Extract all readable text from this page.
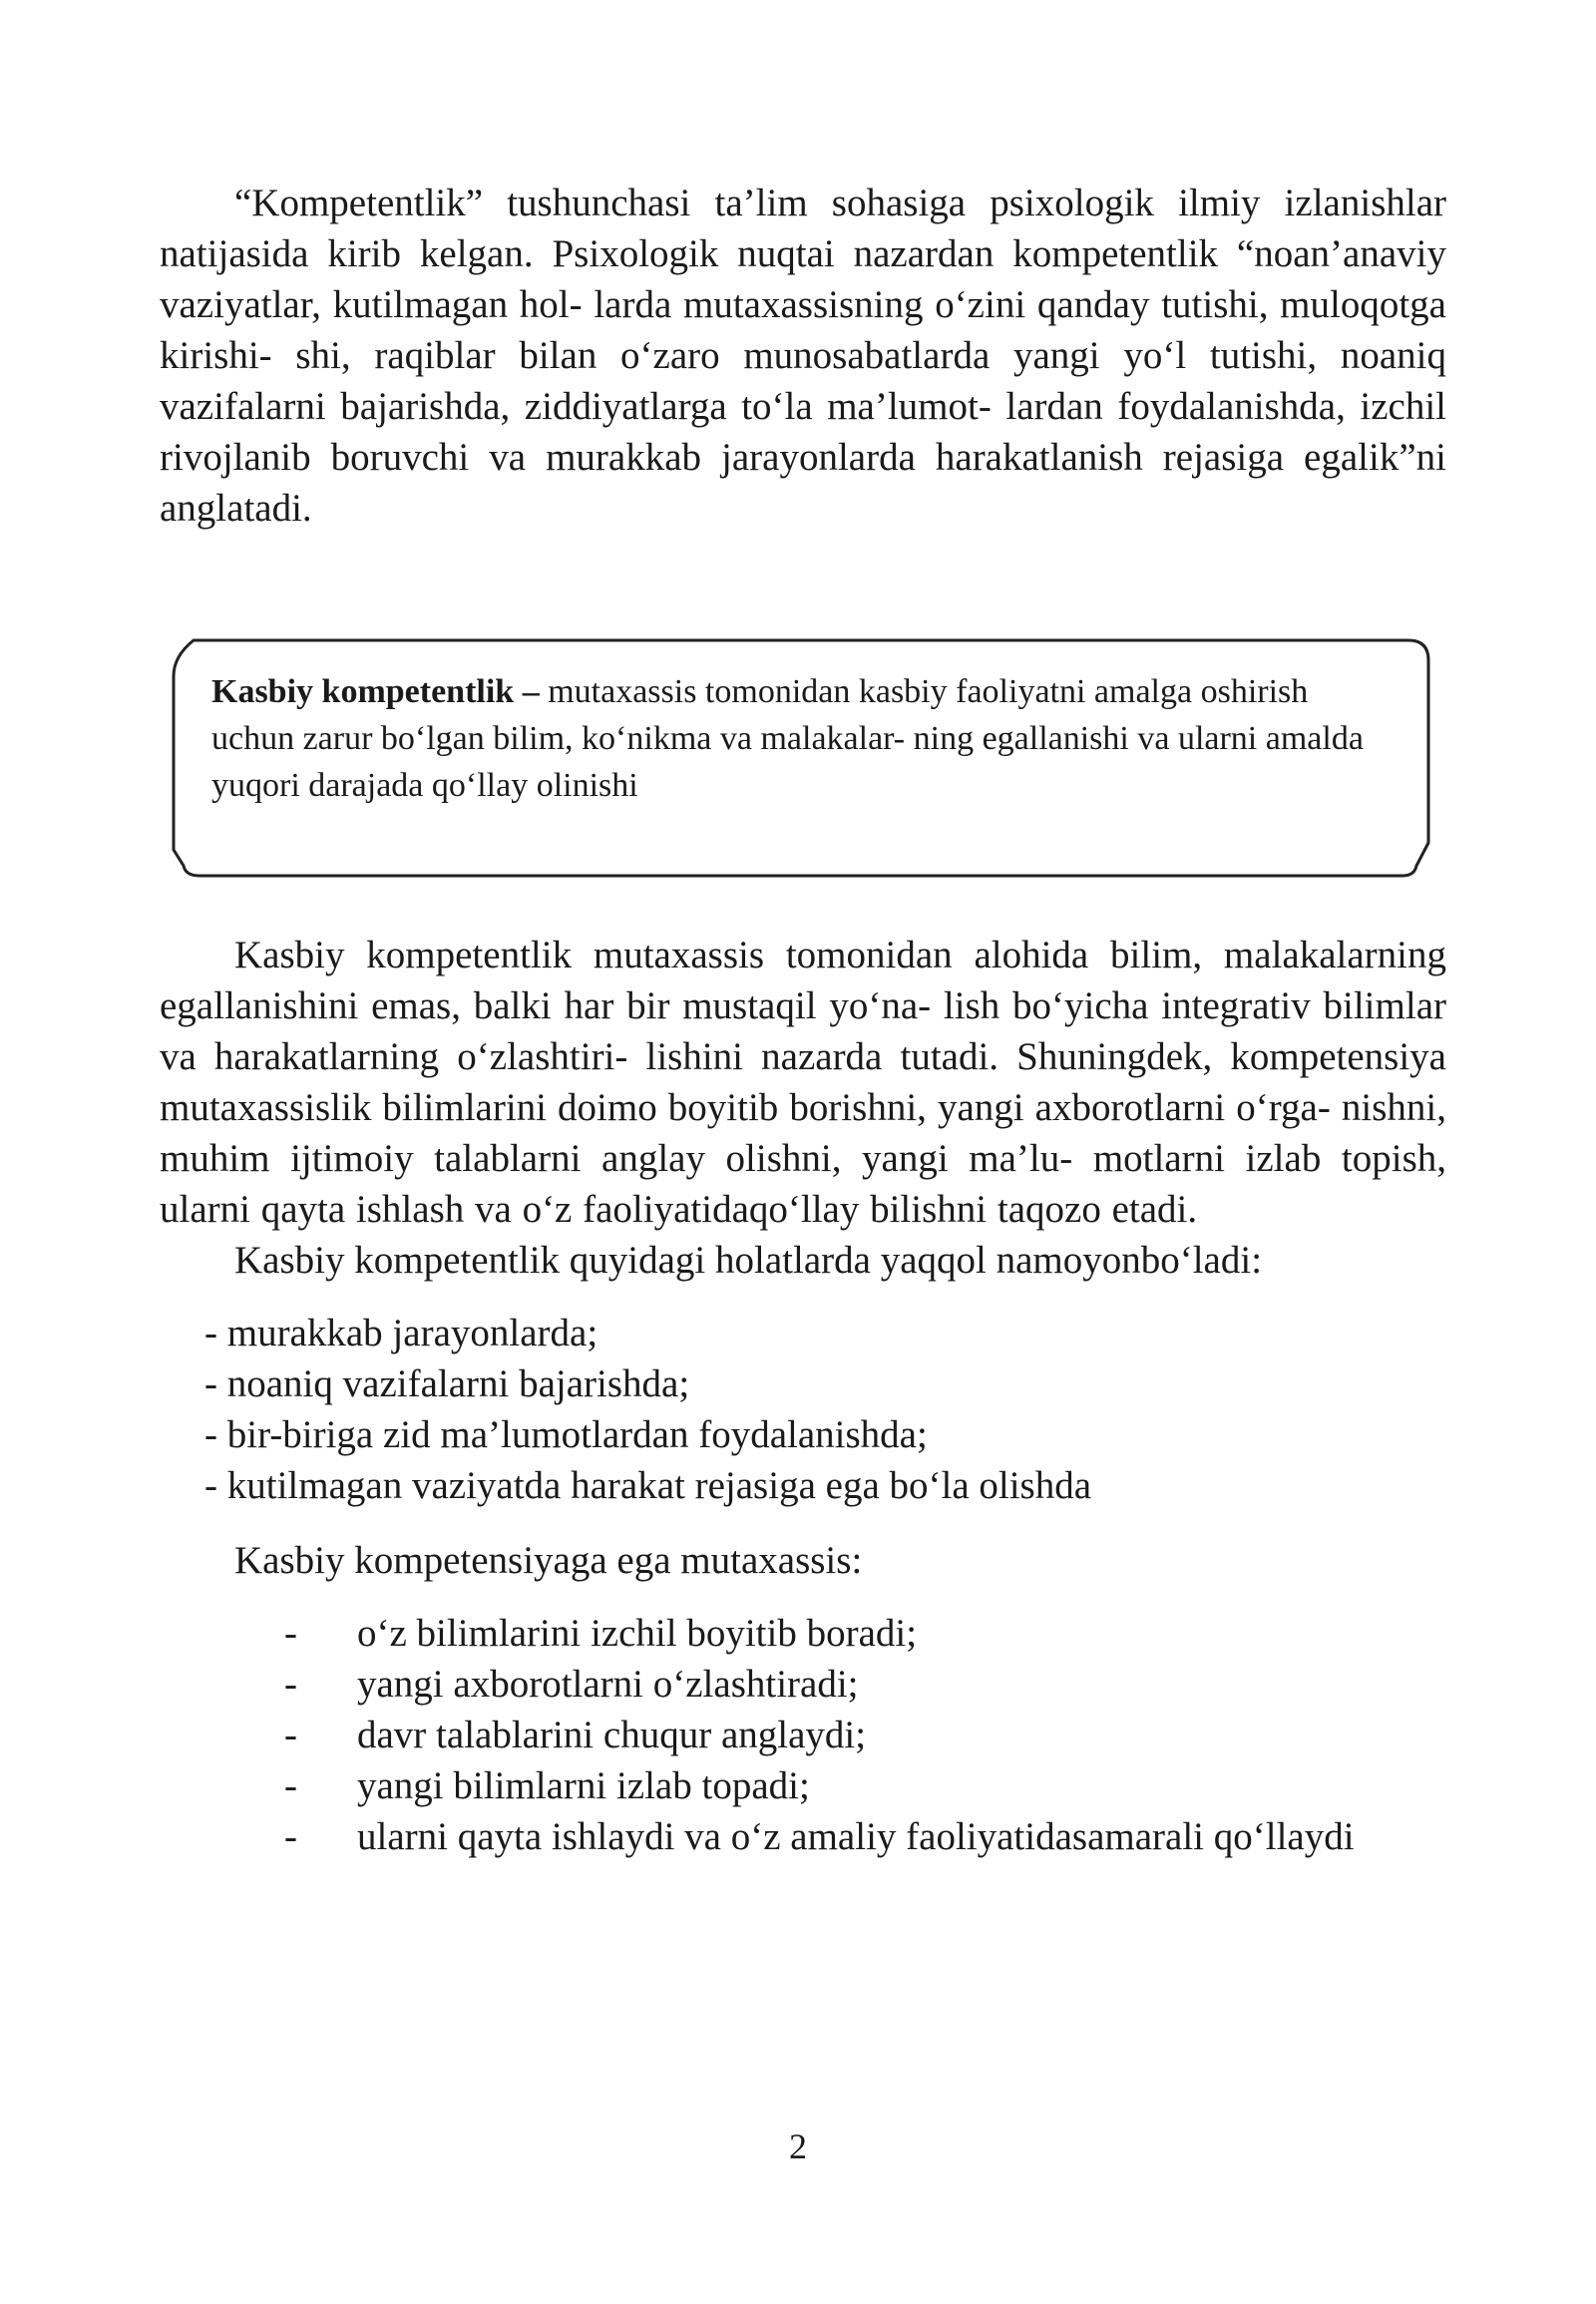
“Kompetentlik” tushunchasi ta’lim sohasiga psixologik ilmiy izlanishlar natijasida kirib kelgan. Psixologik nuqtai nazardan kompetentlik “noan’anaviy vaziyatlar, kutilmagan hol- larda mutaxassisning o‘zini qanday tutishi, muloqotga kirishi- shi, raqiblar bilan o‘zaro munosabatlarda yangi yo‘l tutishi, noaniq vazifalarni bajarishda, ziddiyatlarga to‘la ma’lumot- lardan foydalanishda, izchil rivojlanib boruvchi va murakkab jarayonlarda harakatlanish rejasiga egalik”ni anglatadi.

Kasbiy kompetentlik – mutaxassis tomonidan kasbiy faoliyatni amalga oshirish uchun zarur bo‘lgan bilim, ko‘nikma va malakalar- ning egallanishi va ularni amalda yuqori darajada qo‘llay olinishi

Kasbiy kompetentlik mutaxassis tomonidan alohida bilim, malakalarning egallanishini emas, balki har bir mustaqil yo‘na- lish bo‘yicha integrativ bilimlar va harakatlarning o‘zlashtiri- lishini nazarda tutadi. Shuningdek, kompetensiya mutaxassislik bilimlarini doimo boyitib borishni, yangi axborotlarni o‘rga- nishni, muhim ijtimoiy talablarni anglay olishni, yangi ma’lu- motlarni izlab topish, ularni qayta ishlash va o‘z faoliyatidaqo‘llay bilishni taqozo etadi.

Kasbiy kompetentlik quyidagi holatlarda yaqqol namoyonbo‘ladi:

- murakkab jarayonlarda;
- noaniq vazifalarni bajarishda;
- bir-biriga zid ma’lumotlardan foydalanishda;
- kutilmagan vaziyatda harakat rejasiga ega bo‘la olishda

Kasbiy kompetensiyaga ega mutaxassis:

- o‘z bilimlarini izchil boyitib boradi;
- yangi axborotlarni o‘zlashtiradi;
- davr talablarini chuqur anglaydi;
- yangi bilimlarni izlab topadi;
- ularni qayta ishlaydi va o‘z amaliy faoliyatidasamarali qo‘llaydi
2
